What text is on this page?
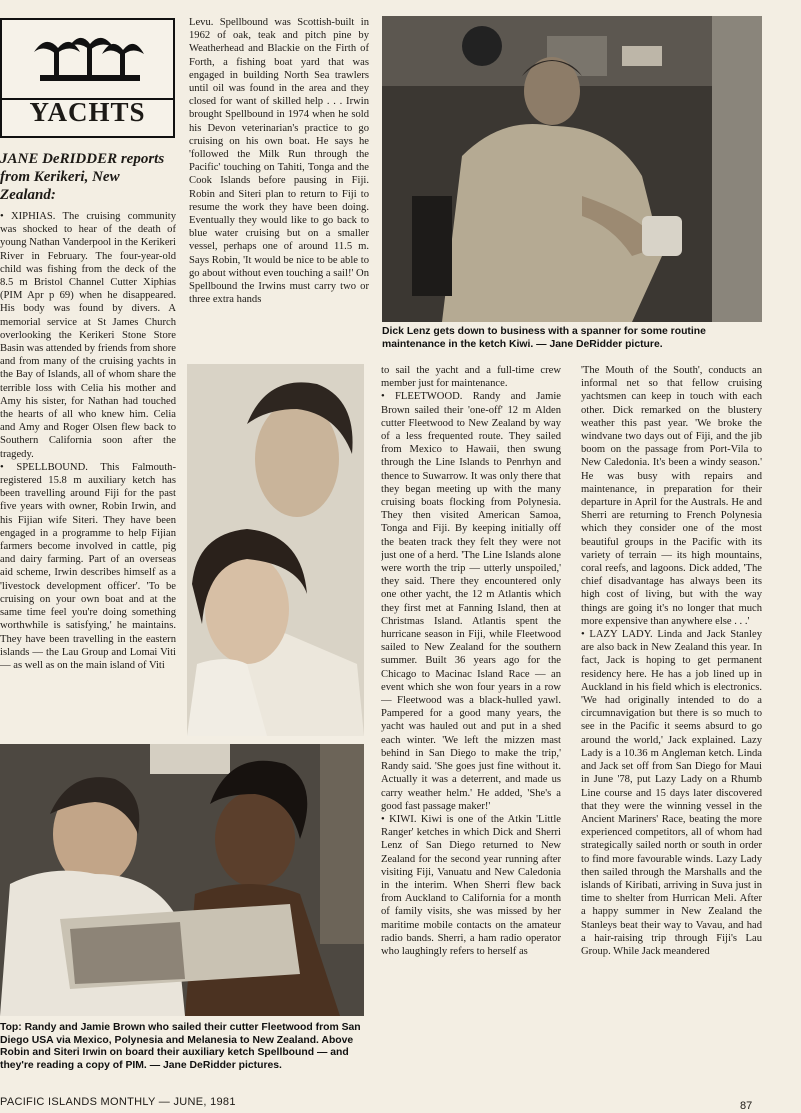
YACHTS
JANE DeRIDDER reports from Kerikeri, New Zealand:

• XIPHIAS. The cruising community was shocked to hear of the death of young Nathan Vanderpool in the Kerikeri River in February. The four-year-old child was fishing from the deck of the 8.5 m Bristol Channel Cutter Xiphias (PIM Apr p 69) when he disappeared. His body was found by divers. A memorial service at St James Church overlooking the Kerikeri Stone Store Basin was attended by friends from shore and from many of the cruising yachts in the Bay of Islands, all of whom share the terrible loss with Celia his mother and Amy his sister, for Nathan had touched the hearts of all who knew him. Celia and Amy and Roger Olsen flew back to Southern California soon after the tragedy.

• SPELLBOUND. This Falmouth-registered 15.8 m auxiliary ketch has been travelling around Fiji for the past five years with owner, Robin Irwin, and his Fijian wife Siteri. They have been engaged in a programme to help Fijian farmers become involved in cattle, pig and dairy farming. Part of an overseas aid scheme, Irwin describes himself as a 'livestock development officer'. 'To be cruising on your own boat and at the same time feel you're doing something worthwhile is satisfying,' he maintains. They have been travelling in the eastern islands — the Lau Group and Lomai Viti — as well as on the main island of Viti

Levu. Spellbound was Scottish-built in 1962 of oak, teak and pitch pine by Weatherhead and Blackie on the Firth of Forth, a fishing boat yard that was engaged in building North Sea trawlers until oil was found in the area and they closed for want of skilled help . . . Irwin brought Spellbound in 1974 when he sold his Devon veterinarian's practice to go cruising on his own boat. He says he 'followed the Milk Run through the Pacific' touching on Tahiti, Tonga and the Cook Islands before pausing in Fiji. Robin and Siteri plan to return to Fiji to resume the work they have been doing. Eventually they would like to go back to blue water cruising but on a smaller vessel, perhaps one of around 11.5 m. Says Robin, 'It would be nice to be able to go about without even touching a sail!' On Spellbound the Irwins must carry two or three extra hands

Dick Lenz gets down to business with a spanner for some routine maintenance in the ketch Kiwi. — Jane DeRidder picture.
Top: Randy and Jamie Brown who sailed their cutter Fleetwood from San Diego USA via Mexico, Polynesia and Melanesia to New Zealand. Above Robin and Siteri Irwin on board their auxiliary ketch Spellbound — and they're reading a copy of PIM. — Jane DeRidder pictures.

to sail the yacht and a full-time crew member just for maintenance.

• FLEETWOOD. Randy and Jamie Brown sailed their 'one-off' 12 m Alden cutter Fleetwood to New Zealand by way of a less frequented route. They sailed from Mexico to Hawaii, then swung through the Line Islands to Penrhyn and thence to Suwarrow. It was only there that they began meeting up with the many cruising boats flocking from Polynesia. They then visited American Samoa, Tonga and Fiji. By keeping initially off the beaten track they felt they were not just one of a herd. 'The Line Islands alone were worth the trip — utterly unspoiled,' they said. There they encountered only one other yacht, the 12 m Atlantis which they first met at Fanning Island, then at Christmas Island. Atlantis spent the hurricane season in Fiji, while Fleetwood sailed to New Zealand for the southern summer. Built 36 years ago for the Chicago to Macinac Island Race — an event which she won four years in a row — Fleetwood was a black-hulled yawl. Pampered for a good many years, the yacht was hauled out and put in a shed each winter. 'We left the mizzen mast behind in San Diego to make the trip,' Randy said. 'She goes just fine without it. Actually it was a deterrent, and made us carry weather helm.' He added, 'She's a good fast passage maker!'

• KIWI. Kiwi is one of the Atkin 'Little Ranger' ketches in which Dick and Sherri Lenz of San Diego returned to New Zealand for the second year running after visiting Fiji, Vanuatu and New Caledonia in the interim. When Sherri flew back from Auckland to California for a month of family visits, she was missed by her maritime mobile contacts on the amateur radio bands. Sherri, a ham radio operator who laughingly refers to herself as

'The Mouth of the South', conducts an informal net so that fellow cruising yachtsmen can keep in touch with each other. Dick remarked on the blustery weather this past year. 'We broke the windvane two days out of Fiji, and the jib boom on the passage from Port-Vila to New Caledonia. It's been a windy season.' He was busy with repairs and maintenance, in preparation for their departure in April for the Australs. He and Sherri are returning to French Polynesia which they consider one of the most beautiful groups in the Pacific with its variety of terrain — its high mountains, coral reefs, and lagoons. Dick added, 'The chief disadvantage has always been its high cost of living, but with the way things are going it's no longer that much more expensive than anywhere else . . .'

• LAZY LADY. Linda and Jack Stanley are also back in New Zealand this year. In fact, Jack is hoping to get permanent residency here. He has a job lined up in Auckland in his field which is electronics. 'We had originally intended to do a circumnavigation but there is so much to see in the Pacific it seems absurd to go around the world,' Jack explained. Lazy Lady is a 10.36 m Angleman ketch. Linda and Jack set off from San Diego for Maui in June '78, put Lazy Lady on a Rhumb Line course and 15 days later discovered that they were the winning vessel in the Ancient Mariners' Race, beating the more experienced competitors, all of whom had strategically sailed north or south in order to find more favourable winds. Lazy Lady then sailed through the Marshalls and the islands of Kiribati, arriving in Suva just in time to shelter from Hurrican Meli. After a happy summer in New Zealand the Stanleys beat their way to Vavau, and had a hair-raising trip through Fiji's Lau Group. While Jack meandered

PACIFIC ISLANDS MONTHLY — JUNE, 1981	87
